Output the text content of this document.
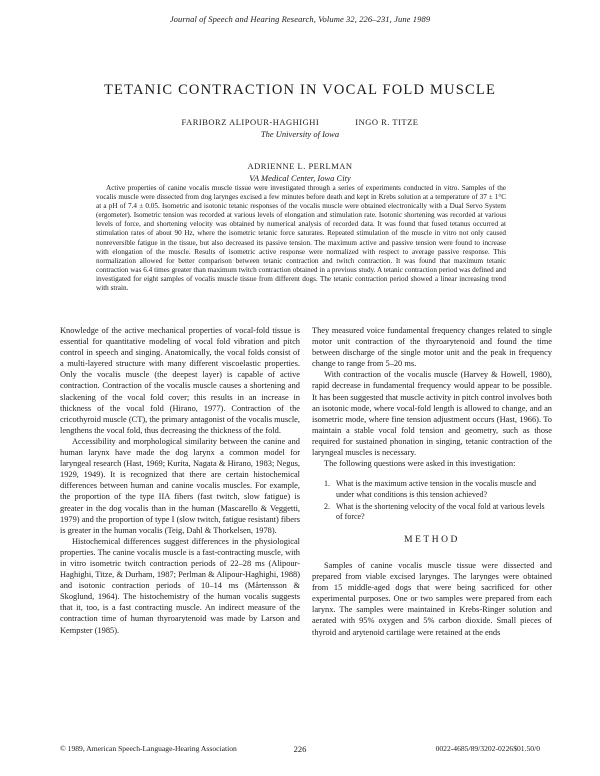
Journal of Speech and Hearing Research, Volume 32, 226–231, June 1989
TETANIC CONTRACTION IN VOCAL FOLD MUSCLE
FARIBORZ ALIPOUR-HAGHIGHI	INGO R. TITZE
The University of Iowa
ADRIENNE L. PERLMAN
VA Medical Center, Iowa City
Active properties of canine vocalis muscle tissue were investigated through a series of experiments conducted in vitro. Samples of the vocalis muscle were dissected from dog larynges excised a few minutes before death and kept in Krebs solution at a temperature of 37 ± 1°C at a pH of 7.4 ± 0.05. Isometric and isotonic tetanic responses of the vocalis muscle were obtained electronically with a Dual Servo System (ergometer). Isometric tension was recorded at various levels of elongation and stimulation rate. Isotonic shortening was recorded at various levels of force, and shortening velocity was obtained by numerical analysis of recorded data. It was found that fused tetanus occurred at stimulation rates of about 90 Hz, where the isometric tetanic force saturates. Repeated stimulation of the muscle in vitro not only caused nonreversible fatigue in the tissue, but also decreased its passive tension. The maximum active and passive tension were found to increase with elongation of the muscle. Results of isometric active response were normalized with respect to average passive response. This normalization allowed for better comparison between tetanic contraction and twitch contraction. It was found that maximum tetanic contraction was 6.4 times greater than maximum twitch contraction obtained in a previous study. A tetanic contraction period was defined and investigated for eight samples of vocalis muscle tissue from different dogs. The tetanic contraction period showed a linear increasing trend with strain.

Knowledge of the active mechanical properties of vocal-fold tissue is essential for quantitative modeling of vocal fold vibration and pitch control in speech and singing. Anatomically, the vocal folds consist of a multi-layered structure with many different viscoelastic properties. Only the vocalis muscle (the deepest layer) is capable of active contraction. Contraction of the vocalis muscle causes a shortening and slackening of the vocal fold cover; this results in an increase in thickness of the vocal fold (Hirano, 1977). Contraction of the cricothyroid muscle (CT), the primary antagonist of the vocalis muscle, lengthens the vocal fold, thus decreasing the thickness of the fold.

Accessibility and morphological similarity between the canine and human larynx have made the dog larynx a common model for laryngeal research (Hast, 1969; Kurita, Nagata & Hirano, 1983; Negus, 1929, 1949). It is recognized that there are certain histochemical differences between human and canine vocalis muscles. For example, the proportion of the type IIA fibers (fast twitch, slow fatigue) is greater in the dog vocalis than in the human (Mascarello & Veggetti, 1979) and the proportion of type I (slow twitch, fatigue resistant) fibers is greater in the human vocalis (Teig, Dahl & Thorkelsen, 1978).

Histochemical differences suggest differences in the physiological properties. The canine vocalis muscle is a fast-contracting muscle, with in vitro isometric twitch contraction periods of 22–28 ms (Alipour-Haghighi, Titze, & Durham, 1987; Perlman & Alipour-Haghighi, 1988) and isotonic contraction periods of 10–14 ms (Mårtensson & Skoglund, 1964). The histochemistry of the human vocalis suggests that it, too, is a fast contracting muscle. An indirect measure of the contraction time of human thyroarytenoid was made by Larson and Kempster (1985).

They measured voice fundamental frequency changes related to single motor unit contraction of the thyroarytenoid and found the time between discharge of the single motor unit and the peak in frequency change to range from 5–20 ms.

With contraction of the vocalis muscle (Harvey & Howell, 1980), rapid decrease in fundamental frequency would appear to be possible. It has been suggested that muscle activity in pitch control involves both an isotonic mode, where vocal-fold length is allowed to change, and an isometric mode, where fine tension adjustment occurs (Hast, 1966). To maintain a stable vocal fold tension and geometry, such as those required for sustained phonation in singing, tetanic contraction of the laryngeal muscles is necessary.

The following questions were asked in this investigation:

1. What is the maximum active tension in the vocalis muscle and under what conditions is this tension achieved?
2. What is the shortening velocity of the vocal fold at various levels of force?
METHOD

Samples of canine vocalis muscle tissue were dissected and prepared from viable excised larynges. The larynges were obtained from 15 middle-aged dogs that were being sacrificed for other experimental purposes. One or two samples were prepared from each larynx. The samples were maintained in Krebs-Ringer solution and aerated with 95% oxygen and 5% carbon dioxide. Small pieces of thyroid and arytenoid cartilage were retained at the ends

© 1989, American Speech-Language-Hearing Association	226	0022-4685/89/3202-0226$01.50/0
